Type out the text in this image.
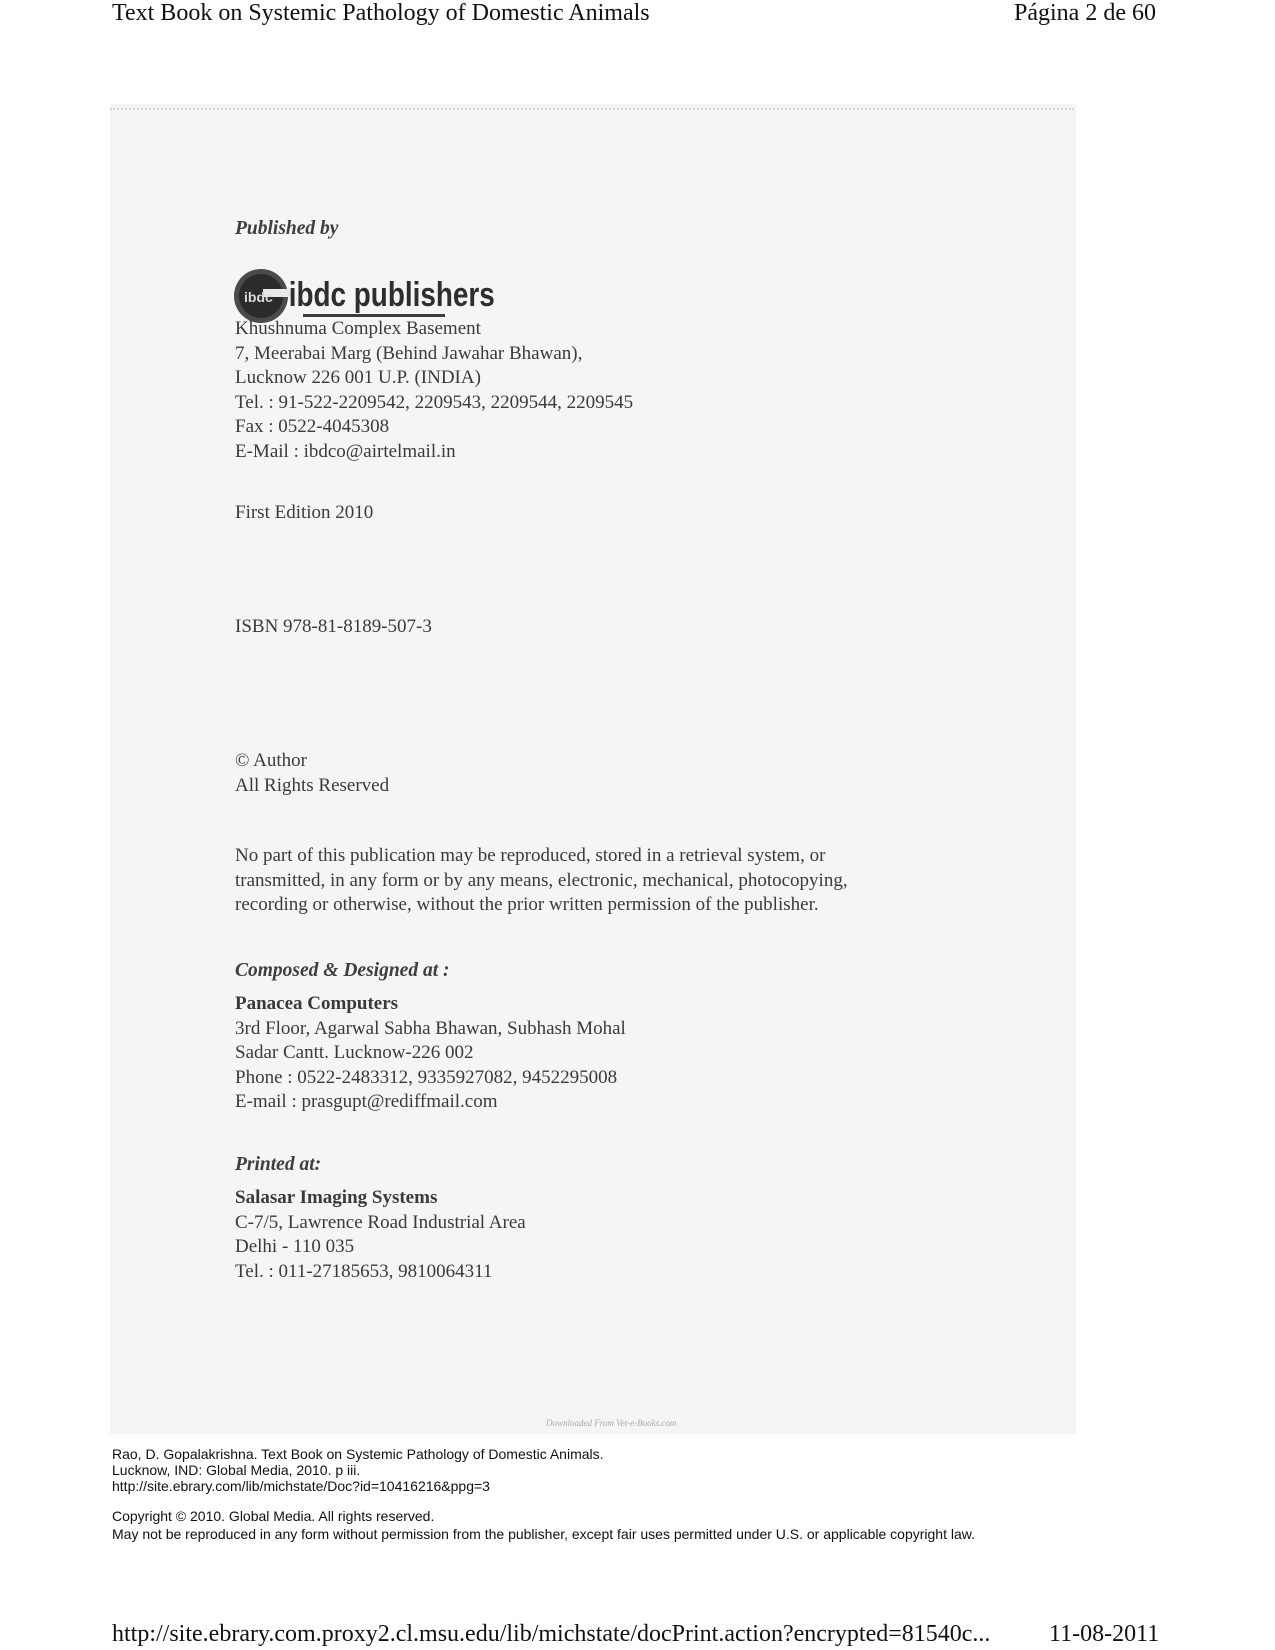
Text Book on Systemic Pathology of Domestic Animals	Página 2 de 60
Published by
ibdc ibdc publishers
Khushnuma Complex Basement
7, Meerabai Marg (Behind Jawahar Bhawan),
Lucknow 226 001 U.P. (INDIA)
Tel. : 91-522-2209542, 2209543, 2209544, 2209545
Fax : 0522-4045308
E-Mail : ibdco@airtelmail.in
First Edition 2010
ISBN 978-81-8189-507-3
© Author
All Rights Reserved
No part of this publication may be reproduced, stored in a retrieval system, or
transmitted, in any form or by any means, electronic, mechanical, photocopying,
recording or otherwise, without the prior written permission of the publisher.
Composed & Designed at :
Panacea Computers
3rd Floor, Agarwal Sabha Bhawan, Subhash Mohal
Sadar Cantt. Lucknow-226 002
Phone : 0522-2483312, 9335927082, 9452295008
E-mail : prasgupt@rediffmail.com
Printed at:
Salasar Imaging Systems
C-7/5, Lawrence Road Industrial Area
Delhi - 110 035
Tel. : 011-27185653, 9810064311
Downloaded From Vet-e-Books.com
Rao, D. Gopalakrishna. Text Book on Systemic Pathology of Domestic Animals.
Lucknow, IND: Global Media, 2010. p iii.
http://site.ebrary.com/lib/michstate/Doc?id=10416216&ppg=3
Copyright © 2010. Global Media. All rights reserved.
May not be reproduced in any form without permission from the publisher, except fair uses permitted under U.S. or applicable copyright law.
http://site.ebrary.com.proxy2.cl.msu.edu/lib/michstate/docPrint.action?encrypted=81540c... 11-08-2011
